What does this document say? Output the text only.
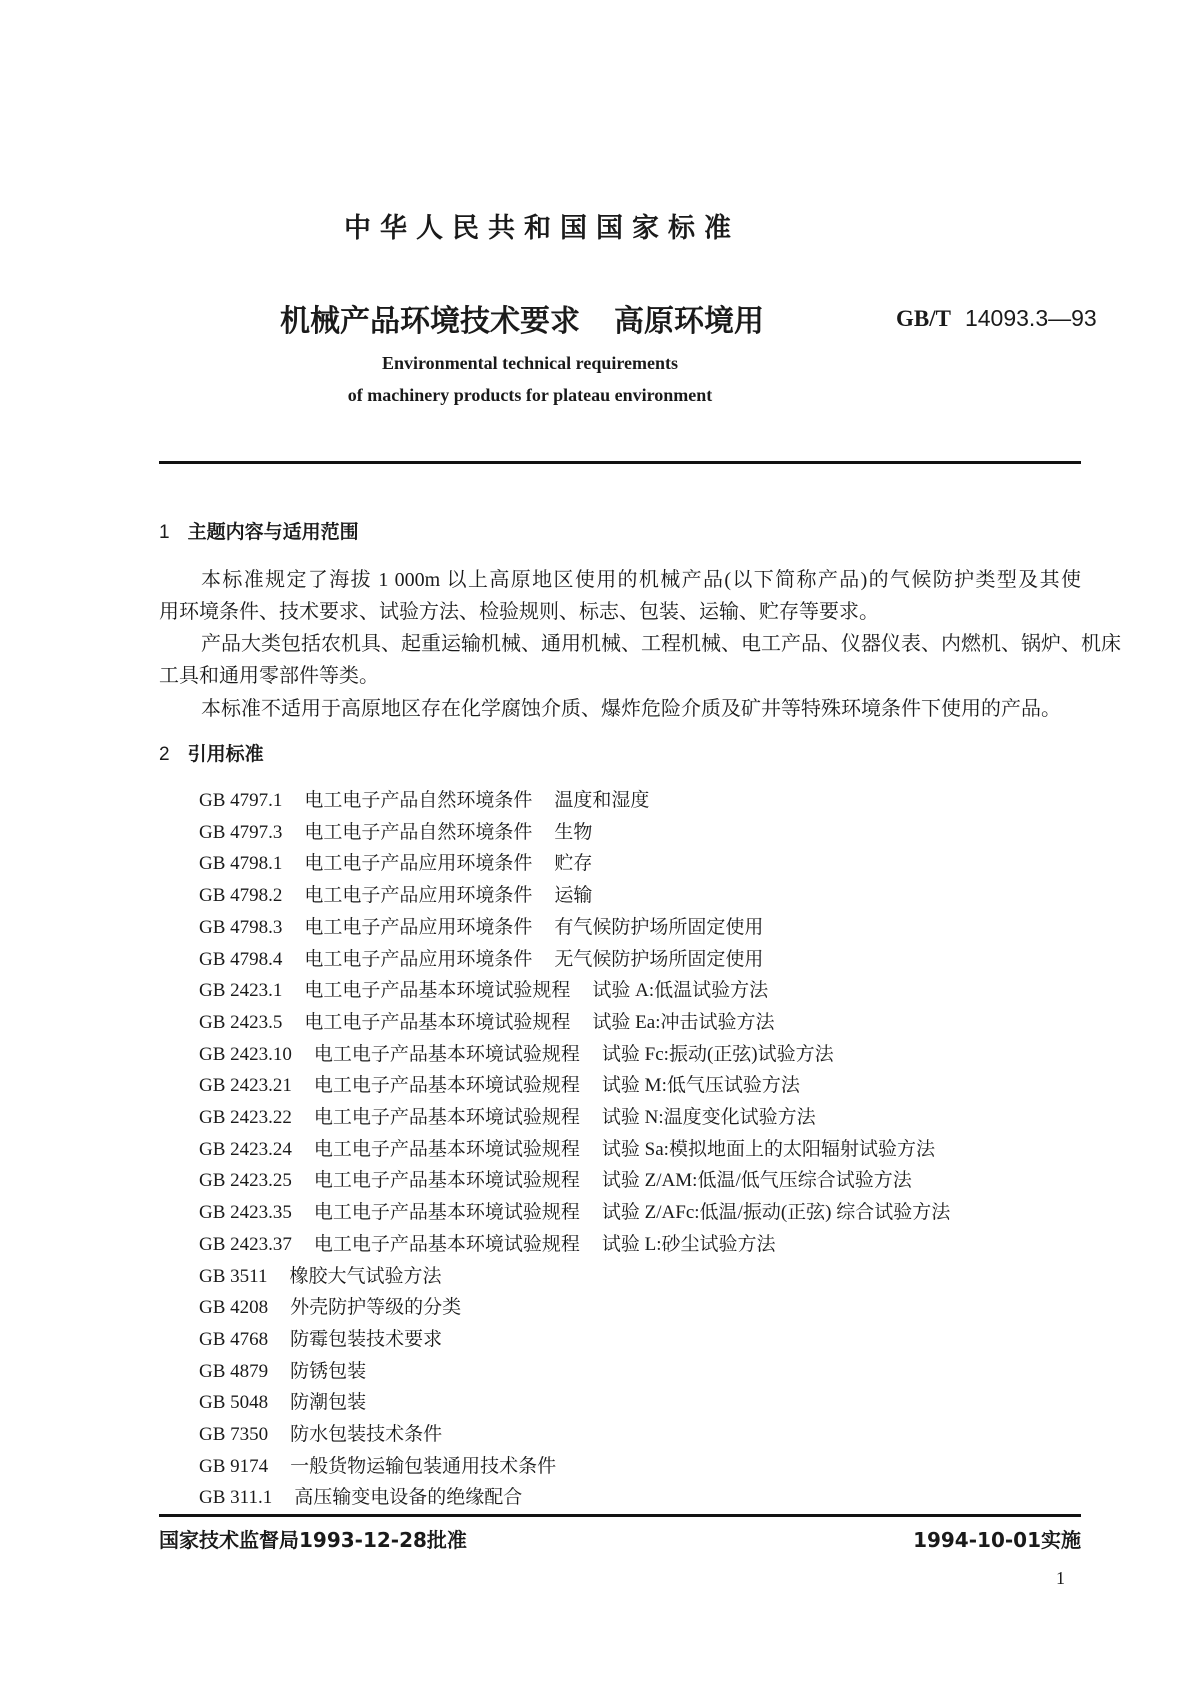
中华人民共和国国家标准
机械产品环境技术要求 高原环境用	GB/T 14093.3—93
Environmental technical requirements
of machinery products for plateau environment
1 主题内容与适用范围
本标准规定了海拔 1 000m 以上高原地区使用的机械产品(以下简称产品)的气候防护类型及其使
用环境条件、技术要求、试验方法、检验规则、标志、包装、运输、贮存等要求。
产品大类包括农机具、起重运输机械、通用机械、工程机械、电工产品、仪器仪表、内燃机、锅炉、机床
工具和通用零部件等类。
本标准不适用于高原地区存在化学腐蚀介质、爆炸危险介质及矿井等特殊环境条件下使用的产品。
2 引用标准
GB 4797.1 电工电子产品自然环境条件 温度和湿度
GB 4797.3 电工电子产品自然环境条件 生物
GB 4798.1 电工电子产品应用环境条件 贮存
GB 4798.2 电工电子产品应用环境条件 运输
GB 4798.3 电工电子产品应用环境条件 有气候防护场所固定使用
GB 4798.4 电工电子产品应用环境条件 无气候防护场所固定使用
GB 2423.1 电工电子产品基本环境试验规程 试验 A:低温试验方法
GB 2423.5 电工电子产品基本环境试验规程 试验 Ea:冲击试验方法
GB 2423.10 电工电子产品基本环境试验规程 试验 Fc:振动(正弦)试验方法
GB 2423.21 电工电子产品基本环境试验规程 试验 M:低气压试验方法
GB 2423.22 电工电子产品基本环境试验规程 试验 N:温度变化试验方法
GB 2423.24 电工电子产品基本环境试验规程 试验 Sa:模拟地面上的太阳辐射试验方法
GB 2423.25 电工电子产品基本环境试验规程 试验 Z/AM:低温/低气压综合试验方法
GB 2423.35 电工电子产品基本环境试验规程 试验 Z/AFc:低温/振动(正弦) 综合试验方法
GB 2423.37 电工电子产品基本环境试验规程 试验 L:砂尘试验方法
GB 3511 橡胶大气试验方法
GB 4208 外壳防护等级的分类
GB 4768 防霉包装技术要求
GB 4879 防锈包装
GB 5048 防潮包装
GB 7350 防水包装技术条件
GB 9174 一般货物运输包装通用技术条件
GB 311.1 高压输变电设备的绝缘配合
国家技术监督局1993-12-28批准	1994-10-01实施
1
